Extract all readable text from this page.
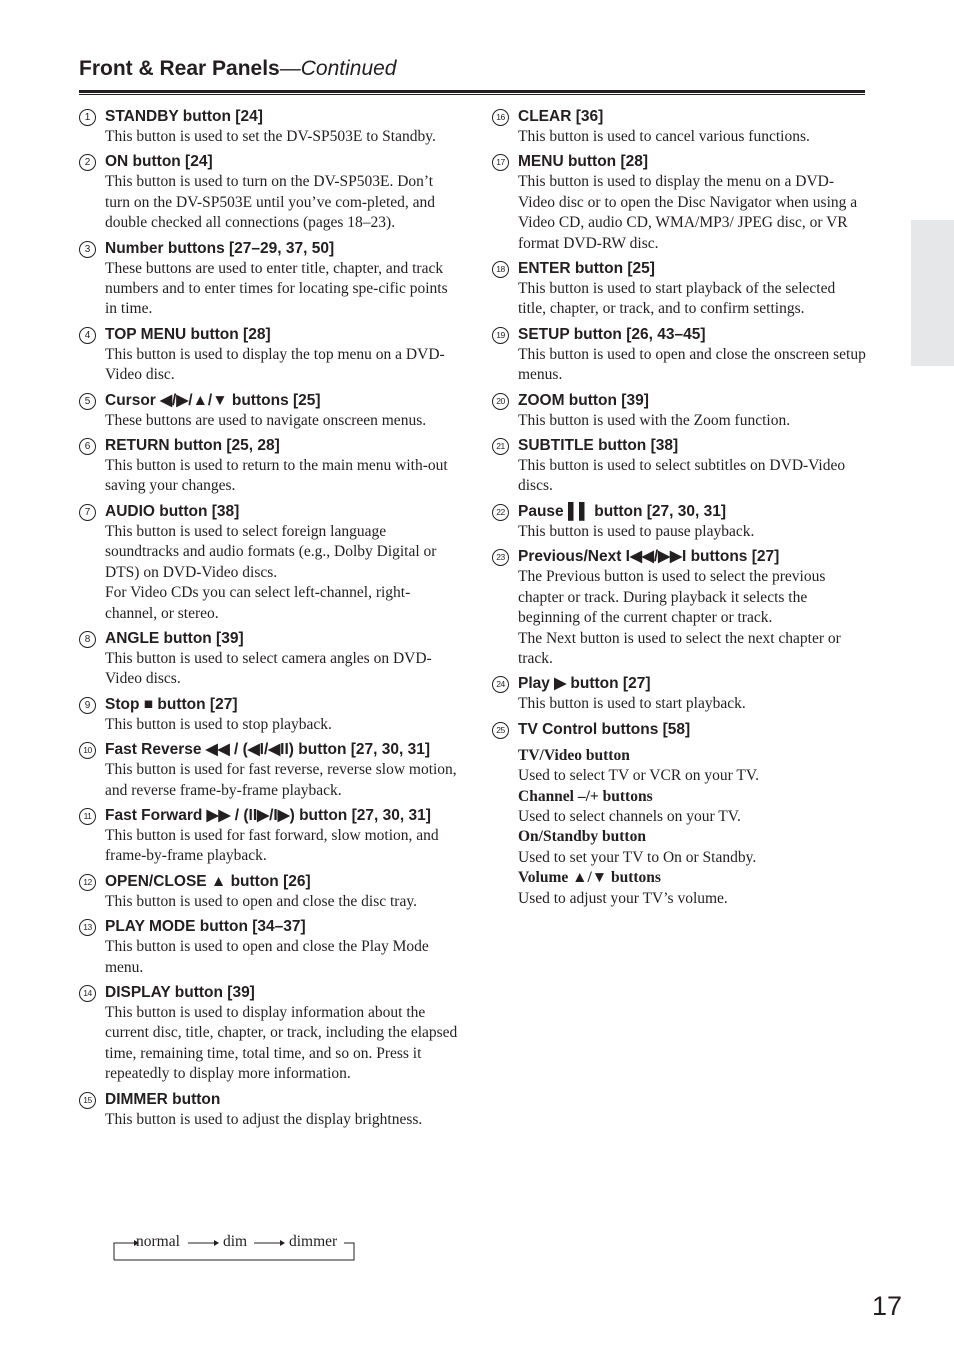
Front & Rear Panels—Continued
1 STANDBY button [24]

This button is used to set the DV-SP503E to Standby.

2 ON button [24]

This button is used to turn on the DV-SP503E. Don’t turn on the DV-SP503E until you’ve com-pleted, and double checked all connections (pages 18–23).

3 Number buttons [27–29, 37, 50]

These buttons are used to enter title, chapter, and track numbers and to enter times for locating spe-cific points in time.

4 TOP MENU button [28]

This button is used to display the top menu on a DVD-Video disc.

5 Cursor ◀/▶/▲/▼ buttons [25]

These buttons are used to navigate onscreen menus.

6 RETURN button [25, 28]

This button is used to return to the main menu with-out saving your changes.

7 AUDIO button [38]

This button is used to select foreign language soundtracks and audio formats (e.g., Dolby Digital or DTS) on DVD-Video discs.

For Video CDs you can select left-channel, right-channel, or stereo.

8 ANGLE button [39]

This button is used to select camera angles on DVD-Video discs.

9 Stop ■ button [27]

This button is used to stop playback.

10 Fast Reverse ◀◀ / (◀I/◀II) button [27, 30, 31]

This button is used for fast reverse, reverse slow motion, and reverse frame-by-frame playback.

11 Fast Forward ▶▶ / (II▶/I▶) button [27, 30, 31]

This button is used for fast forward, slow motion, and frame-by-frame playback.

12 OPEN/CLOSE ▲ button [26]

This button is used to open and close the disc tray.

13 PLAY MODE button [34–37]

This button is used to open and close the Play Mode menu.

14 DISPLAY button [39]

This button is used to display information about the current disc, title, chapter, or track, including the elapsed time, remaining time, total time, and so on. Press it repeatedly to display more information.

15 DIMMER button

This button is used to adjust the display brightness.

normal	dim	dimmer
16 CLEAR [36]

This button is used to cancel various functions.

17 MENU button [28]

This button is used to display the menu on a DVD-Video disc or to open the Disc Navigator when using a Video CD, audio CD, WMA/MP3/ JPEG disc, or VR format DVD-RW disc.

18 ENTER button [25]

This button is used to start playback of the selected title, chapter, or track, and to confirm settings.

19 SETUP button [26, 43–45]

This button is used to open and close the onscreen setup menus.

20 ZOOM button [39]

This button is used with the Zoom function.

21 SUBTITLE button [38]

This button is used to select subtitles on DVD-Video discs.

22 Pause ▌▌ button [27, 30, 31]

This button is used to pause playback.

23 Previous/Next I◀◀/▶▶I buttons [27]

The Previous button is used to select the previous chapter or track. During playback it selects the beginning of the current chapter or track.

The Next button is used to select the next chapter or track.

24 Play ▶ button [27]

This button is used to start playback.

25 TV Control buttons [58]
TV/Video button
Used to select TV or VCR on your TV.
Channel –/+ buttons
Used to select channels on your TV.
On/Standby button
Used to set your TV to On or Standby.
Volume ▲/▼ buttons
Used to adjust your TV’s volume.
17
